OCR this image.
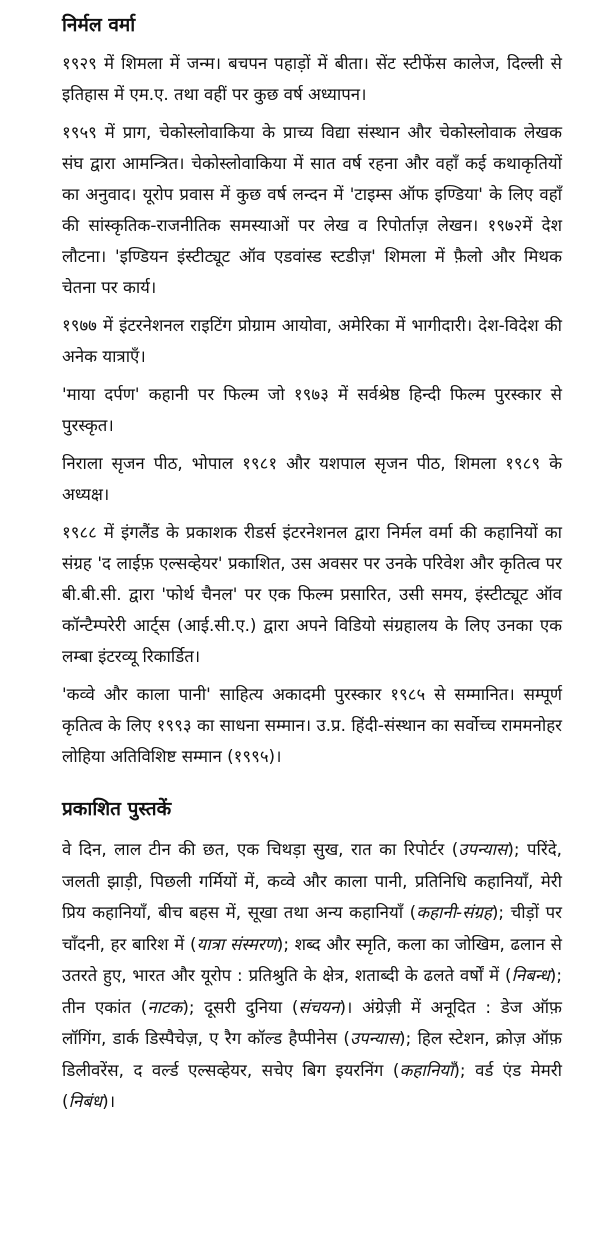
निर्मल वर्मा

१९२९ में शिमला में जन्म। बचपन पहाड़ों में बीता। सेंट स्टीफेंस कालेज, दिल्ली से इतिहास में एम.ए. तथा वहीं पर कुछ वर्ष अध्यापन।

१९५९ में प्राग, चेकोस्लोवाकिया के प्राच्य विद्या संस्थान और चेकोस्लोवाक लेखक संघ द्वारा आमन्त्रित। चेकोस्लोवाकिया में सात वर्ष रहना और वहाँ कई कथाकृतियों का अनुवाद। यूरोप प्रवास में कुछ वर्ष लन्दन में 'टाइम्स ऑफ इण्डिया' के लिए वहाँ की सांस्कृतिक-राजनीतिक समस्याओं पर लेख व रिपोर्ताज़ लेखन। १९७२में देश लौटना। 'इण्डियन इंस्टीट्यूट ऑव एडवांस्ड स्टडीज़' शिमला में फ़ैलो और मिथक चेतना पर कार्य।

१९७७ में इंटरनेशनल राइटिंग प्रोग्राम आयोवा, अमेरिका में भागीदारी। देश-विदेश की अनेक यात्राएँ।

'माया दर्पण' कहानी पर फिल्म जो १९७३ में सर्वश्रेष्ठ हिन्दी फिल्म पुरस्कार से पुरस्कृत।

निराला सृजन पीठ, भोपाल १९८१ और यशपाल सृजन पीठ, शिमला १९८९ के अध्यक्ष।

१९८८ में इंगलैंड के प्रकाशक रीडर्स इंटरनेशनल द्वारा निर्मल वर्मा की कहानियों का संग्रह 'द लाईफ़ एल्सव्हेयर' प्रकाशित, उस अवसर पर उनके परिवेश और कृतित्व पर बी.बी.सी. द्वारा 'फोर्थ चैनल' पर एक फिल्म प्रसारित, उसी समय, इंस्टीट्यूट ऑव कॉन्टैम्परेरी आर्ट्स (आई.सी.ए.) द्वारा अपने विडियो संग्रहालय के लिए उनका एक लम्बा इंटरव्यू रिकार्डित।

'कव्वे और काला पानी' साहित्य अकादमी पुरस्कार १९८५ से सम्मानित। सम्पूर्ण कृतित्व के लिए १९९३ का साधना सम्मान। उ.प्र. हिंदी-संस्थान का सर्वोच्च राममनोहर लोहिया अतिविशिष्ट सम्मान (१९९५)।

प्रकाशित पुस्तकें

वे दिन, लाल टीन की छत, एक चिथड़ा सुख, रात का रिपोर्टर (उपन्यास); परिंदे, जलती झाड़ी, पिछली गर्मियों में, कव्वे और काला पानी, प्रतिनिधि कहानियाँ, मेरी प्रिय कहानियाँ, बीच बहस में, सूखा तथा अन्य कहानियाँ (कहानी-संग्रह); चीड़ों पर चाँदनी, हर बारिश में (यात्रा संस्मरण); शब्द और स्मृति, कला का जोखिम, ढलान से उतरते हुए, भारत और यूरोप : प्रतिश्रुति के क्षेत्र, शताब्दी के ढलते वर्षों में (निबन्ध); तीन एकांत (नाटक); दूसरी दुनिया (संचयन)। अंग्रेज़ी में अनूदित : डेज ऑफ़ लॉगिंग, डार्क डिस्पैचेज़, ए रैग कॉल्ड हैप्पीनेस (उपन्यास); हिल स्टेशन, क्रोज़ ऑफ़ डिलीवरेंस, द वर्ल्ड एल्सव्हेयर, सचेए बिग इयरनिंग (कहानियाँ); वर्ड एंड मेमरी (निबंध)।
